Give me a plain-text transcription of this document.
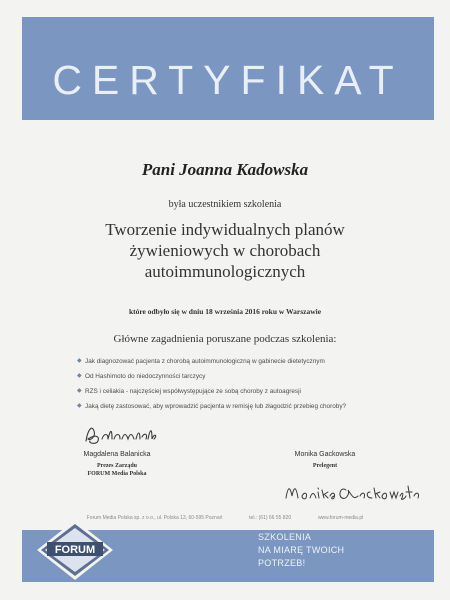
CERTYFIKAT
Pani Joanna Kadowska
była uczestnikiem szkolenia
Tworzenie indywidualnych planów
żywieniowych w chorobach
autoimmunologicznych
które odbyło się w dniu 18 września 2016 roku w Warszawie
Główne zagadnienia poruszane podczas szkolenia:
◆ Jak diagnozować pacjenta z chorobą autoimmunologiczną w gabinecie dietetycznym
◆ Od Hashimoto do niedoczynności tarczycy
◆ RZS i celiakia - najczęściej współwystępujące ze sobą choroby z autoagresji
◆ Jaką dietę zastosować, aby wprowadzić pacjenta w remisję lub złagodzić przebieg choroby?
Magdalena Balanicka
Prezes Zarządu
FORUM Media Polska
Monika Gackowska
Prelegent
Forum Media Polska sp. z o.o., ul. Polska 13, 60-595 Poznań	tel.: (61) 66 55 820	www.forum-media.pl
FORUM
SZKOLENIA
NA MIARĘ TWOICH
POTRZEB!
